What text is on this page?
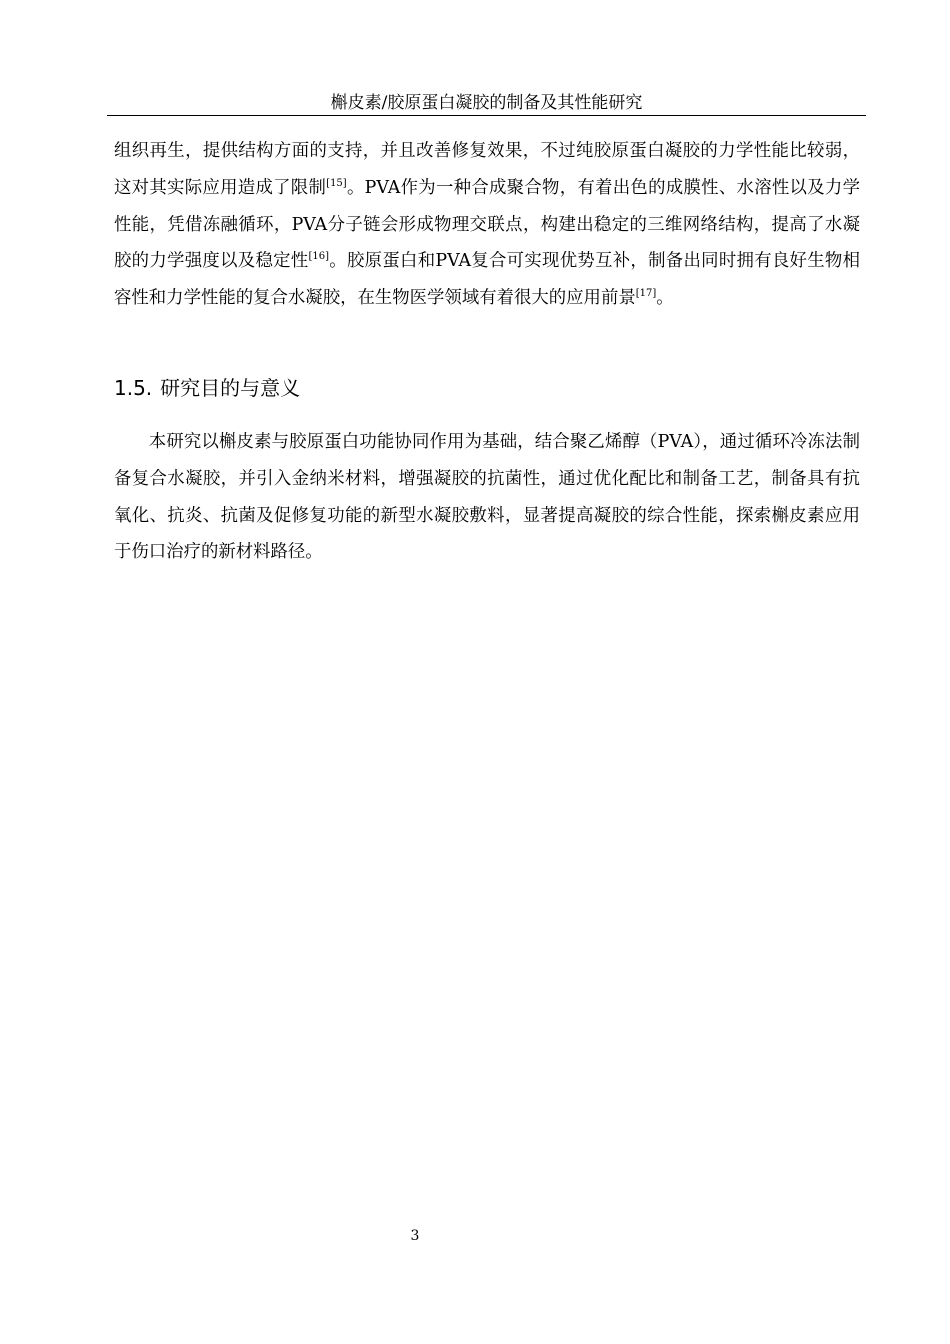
槲皮素/胶原蛋白凝胶的制备及其性能研究
组织再生，提供结构方面的支持，并且改善修复效果，不过纯胶原蛋白凝胶的力学性能比较弱，这对其实际应用造成了限制[15]。PVA作为一种合成聚合物，有着出色的成膜性、水溶性以及力学性能，凭借冻融循环，PVA分子链会形成物理交联点，构建出稳定的三维网络结构，提高了水凝胶的力学强度以及稳定性[16]。胶原蛋白和PVA复合可实现优势互补，制备出同时拥有良好生物相容性和力学性能的复合水凝胶，在生物医学领域有着很大的应用前景[17]。
1.5. 研究目的与意义
本研究以槲皮素与胶原蛋白功能协同作用为基础，结合聚乙烯醇（PVA），通过循环冷冻法制备复合水凝胶，并引入金纳米材料，增强凝胶的抗菌性，通过优化配比和制备工艺，制备具有抗氧化、抗炎、抗菌及促修复功能的新型水凝胶敷料，显著提高凝胶的综合性能，探索槲皮素应用于伤口治疗的新材料路径。
3
